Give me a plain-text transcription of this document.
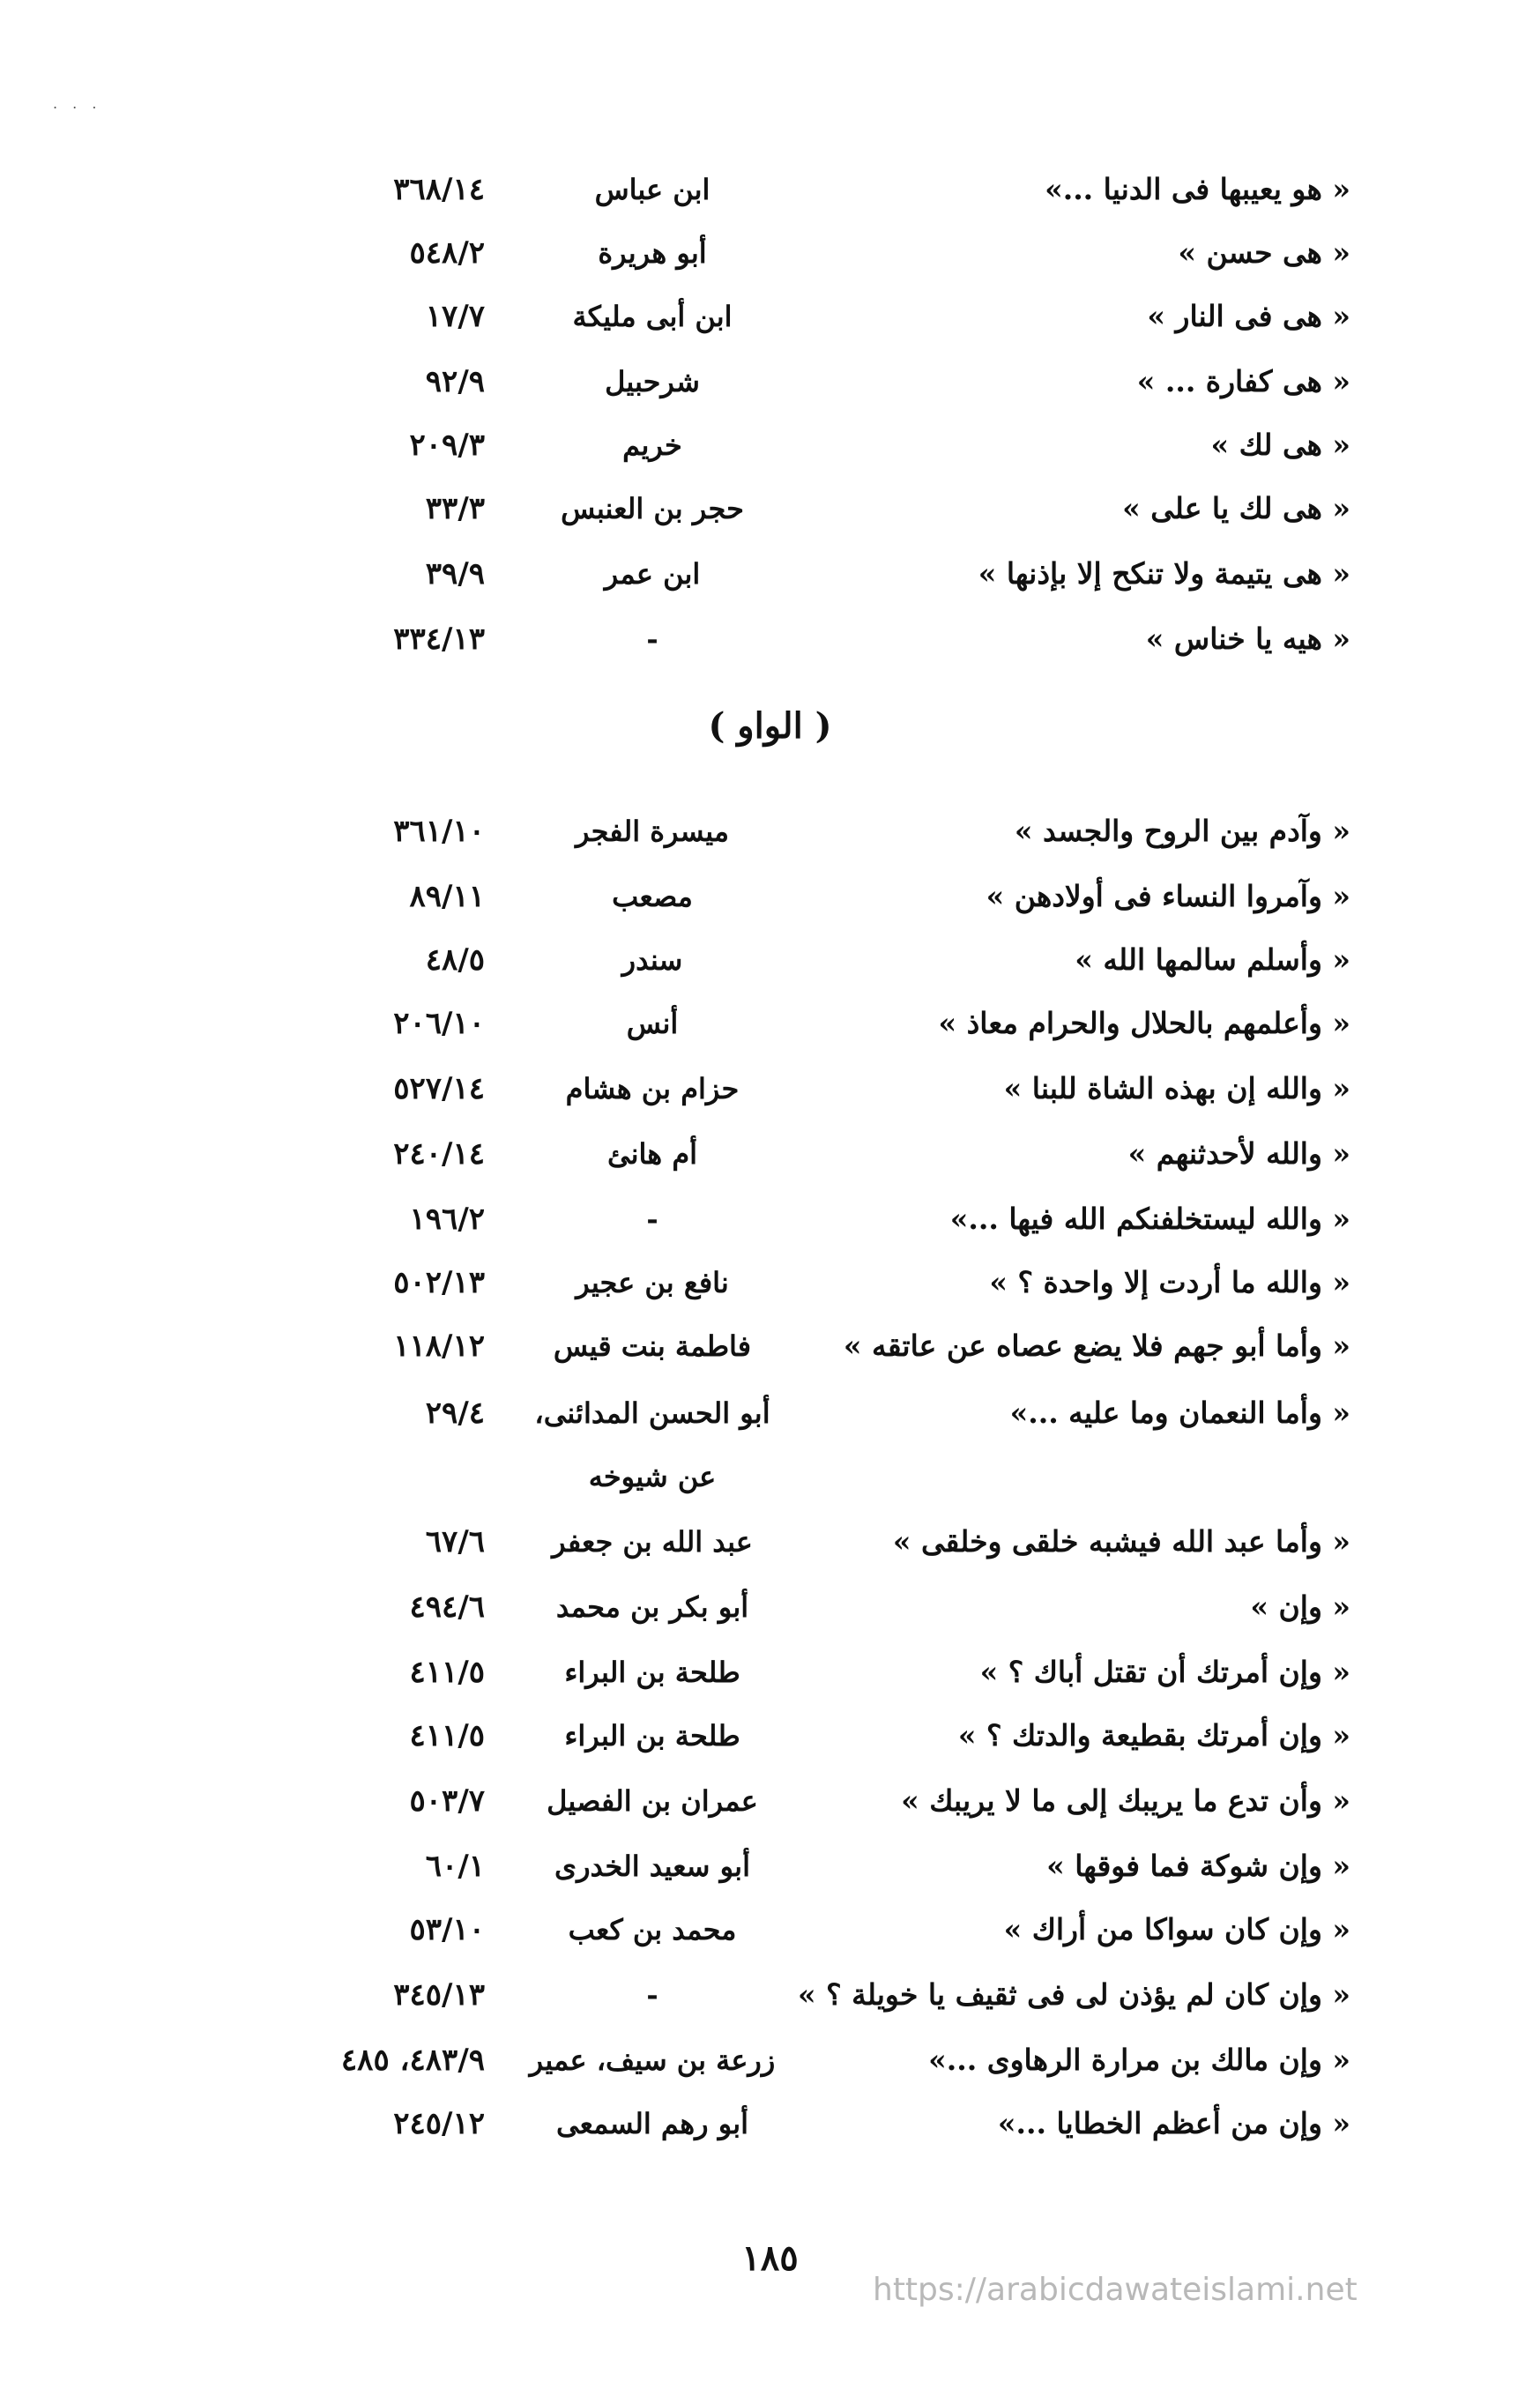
. . .
« هو يعيبها فى الدنيا ...»
ابن عباس
٣٦٨/١٤
« هى حسن »
أبو هريرة
٥٤٨/٢
« هى فى النار »
ابن أبى مليكة
١٧/٧
« هى كفارة ... »
شرحبيل
٩٢/٩
« هى لك »
خريم
٢٠٩/٣
« هى لك يا على »
حجر بن العنبس
٣٣/٣
« هى يتيمة ولا تنكح إلا بإذنها »
ابن عمر
٣٩/٩
« هيه يا خناس »
-
٣٣٤/١٣
( الواو )
« وآدم بين الروح والجسد »
ميسرة الفجر
٣٦١/١٠
« وآمروا النساء فى أولادهن »
مصعب
٨٩/١١
« وأسلم سالمها الله »
سندر
٤٨/٥
« وأعلمهم بالحلال والحرام معاذ »
أنس
٢٠٦/١٠
« والله إن بهذه الشاة للبنا »
حزام بن هشام
٥٢٧/١٤
« والله لأحدثنهم »
أم هانئ
٢٤٠/١٤
« والله ليستخلفنكم الله فيها ...»
-
١٩٦/٢
« والله ما أردت إلا واحدة ؟ »
نافع بن عجير
٥٠٢/١٣
« وأما أبو جهم فلا يضع عصاه عن عاتقه »
فاطمة بنت قيس
١١٨/١٢
« وأما النعمان وما عليه ...»
أبو الحسن المدائنى،
٢٩/٤
عن شيوخه
« وأما عبد الله فيشبه خلقى وخلقى »
عبد الله بن جعفر
٦٧/٦
« وإن »
أبو بكر بن محمد
٤٩٤/٦
« وإن أمرتك أن تقتل أباك ؟ »
طلحة بن البراء
٤١١/٥
« وإن أمرتك بقطيعة والدتك ؟ »
طلحة بن البراء
٤١١/٥
« وأن تدع ما يريبك إلى ما لا يريبك »
عمران بن الفصيل
٥٠٣/٧
« وإن شوكة فما فوقها »
أبو سعيد الخدرى
٦٠/١
« وإن كان سواكا من أراك »
محمد بن كعب
٥٣/١٠
« وإن كان لم يؤذن لى فى ثقيف يا خويلة ؟ »
-
٣٤٥/١٣
« وإن مالك بن مرارة الرهاوى ...»
زرعة بن سيف، عمير
٤٨٣/٩، ٤٨٥
« وإن من أعظم الخطايا ...»
أبو رهم السمعى
٢٤٥/١٢
١٨٥
https://arabicdawateislami.net
